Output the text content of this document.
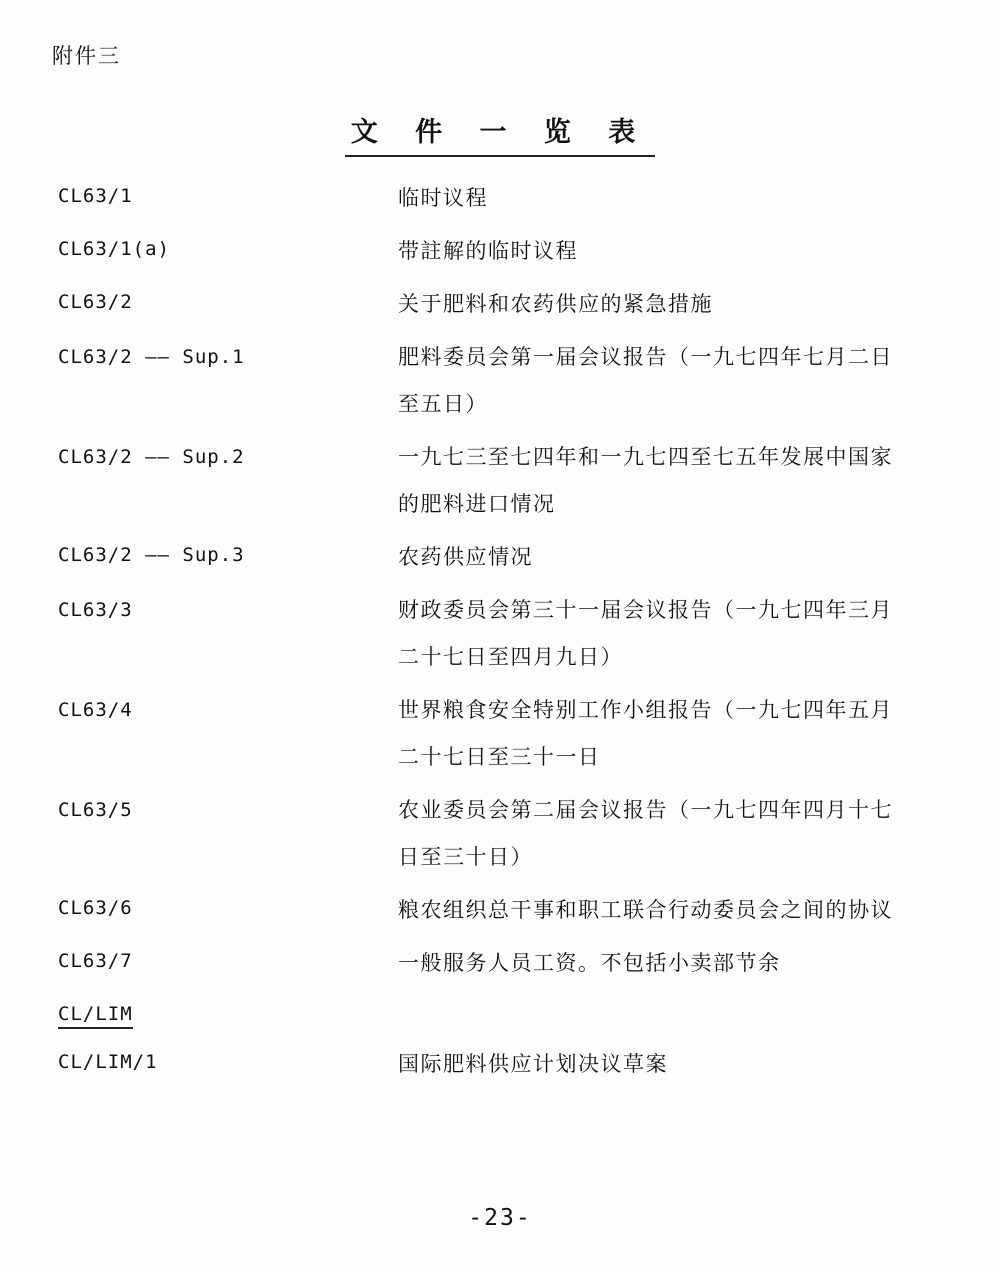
附件三
文 件 一 览 表
CL63/1	临时议程
CL63/1(a)	带註解的临时议程
CL63/2	关于肥料和农药供应的紧急措施
CL63/2 —— Sup.1	肥料委员会第一届会议报告（一九七四年七月二日
至五日）
CL63/2 —— Sup.2	一九七三至七四年和一九七四至七五年发展中国家
的肥料进口情况
CL63/2 —— Sup.3	农药供应情况
CL63/3	财政委员会第三十一届会议报告（一九七四年三月
二十七日至四月九日）
CL63/4	世界粮食安全特别工作小组报告（一九七四年五月
二十七日至三十一日
CL63/5	农业委员会第二届会议报告（一九七四年四月十七
日至三十日）
CL63/6	粮农组织总干事和职工联合行动委员会之间的协议
CL63/7	一般服务人员工资。不包括小卖部节余
CL/LIM
CL/LIM/1	国际肥料供应计划决议草案
-23-
